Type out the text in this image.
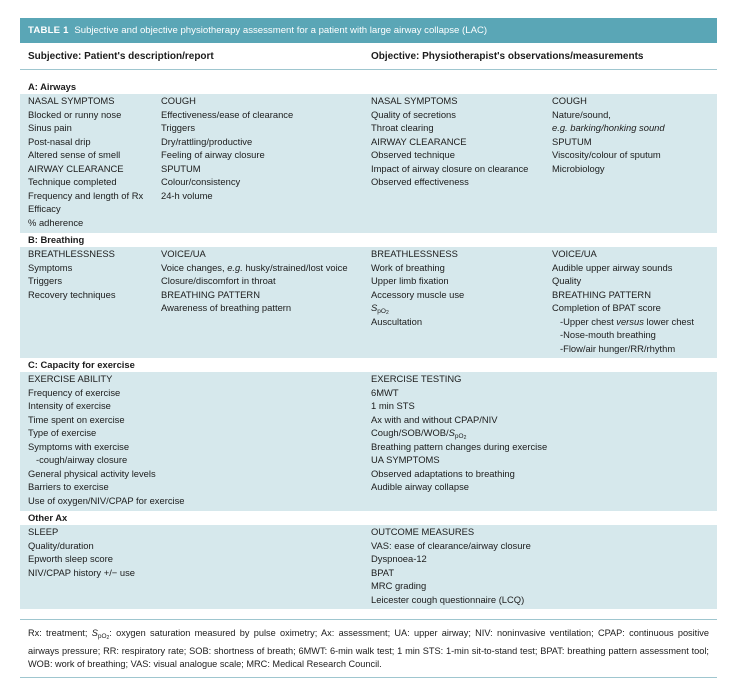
TABLE 1 Subjective and objective physiotherapy assessment for a patient with large airway collapse (LAC)
Subjective: Patient's description/report	Objective: Physiotherapist's observations/measurements
A: Airways
NASAL SYMPTOMS
Blocked or runny nose
Sinus pain
Post-nasal drip
Altered sense of smell
AIRWAY CLEARANCE
Technique completed
Frequency and length of Rx
Efficacy
% adherence
COUGH
Effectiveness/ease of clearance
Triggers
Dry/rattling/productive
Feeling of airway closure
SPUTUM
Colour/consistency
24-h volume
NASAL SYMPTOMS
Quality of secretions
Throat clearing
AIRWAY CLEARANCE
Observed technique
Impact of airway closure on clearance
Observed effectiveness
COUGH
Nature/sound,
e.g. barking/honking sound
SPUTUM
Viscosity/colour of sputum
Microbiology
B: Breathing
BREATHLESSNESS
Symptoms
Triggers
Recovery techniques
VOICE/UA
Voice changes, e.g. husky/strained/lost voice
Closure/discomfort in throat
BREATHING PATTERN
Awareness of breathing pattern
BREATHLESSNESS
Work of breathing
Upper limb fixation
Accessory muscle use
$S_{pO_2}$
Auscultation
VOICE/UA
Audible upper airway sounds
Quality
BREATHING PATTERN
Completion of BPAT score
-Upper chest versus lower chest
-Nose-mouth breathing
-Flow/air hunger/RR/rhythm
C: Capacity for exercise
EXERCISE ABILITY
Frequency of exercise
Intensity of exercise
Time spent on exercise
Type of exercise
Symptoms with exercise
-cough/airway closure
General physical activity levels
Barriers to exercise
Use of oxygen/NIV/CPAP for exercise
EXERCISE TESTING
6MWT
1 min STS
Ax with and without CPAP/NIV
Cough/$SOB/WOB/S_{pO_2}$
Breathing pattern changes during exercise
UA SYMPTOMS
Observed adaptations to breathing
Audible airway collapse
Other Ax
SLEEP
Quality/duration
Epworth sleep score
NIV/CPAP history +/− use
OUTCOME MEASURES
VAS: ease of clearance/airway closure
Dyspnoea-12
BPAT
MRC grading
Leicester cough questionnaire (LCQ)
Rx: treatment; $S_{pO_2}$: oxygen saturation measured by pulse oximetry; Ax: assessment; UA: upper airway; NIV: noninvasive ventilation; CPAP: continuous positive airways pressure; RR: respiratory rate; SOB: shortness of breath; 6MWT: 6-min walk test; 1 min STS: 1-min sit-to-stand test; BPAT: breathing pattern assessment tool; WOB: work of breathing; VAS: visual analogue scale; MRC: Medical Research Council.
